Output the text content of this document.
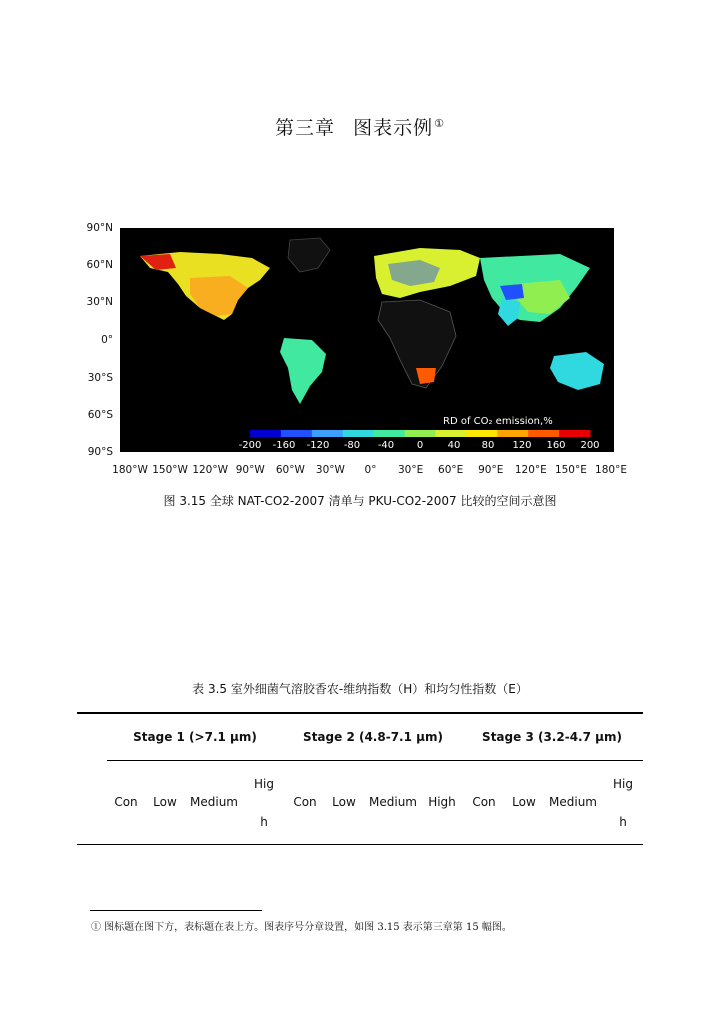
第三章 图表示例①
RD of CO₂ emission,%
-200 -160 -120 -80 -40 0 40 80 120 160 200
90°N
60°N
30°N
0°
30°S
60°S
90°S
180°W 150°W 120°W 90°W 60°W 30°W 0° 30°E 60°E 90°E 120°E 150°E 180°E
图 3.15 全球 NAT-CO2-2007 清单与 PKU-CO2-2007 比较的空间示意图
表 3.5 室外细菌气溶胶香农-维纳指数（H）和均匀性指数（E）
Stage 1 (>7.1 μm)	Stage 2 (4.8-7.1 μm)	Stage 3 (3.2-4.7 μm)
Con Low Medium
Hig
h
Con Low Medium High Con Low Medium
Hig
h
① 图标题在图下方，表标题在表上方。图表序号分章设置，如图 3.15 表示第三章第 15 幅图。
